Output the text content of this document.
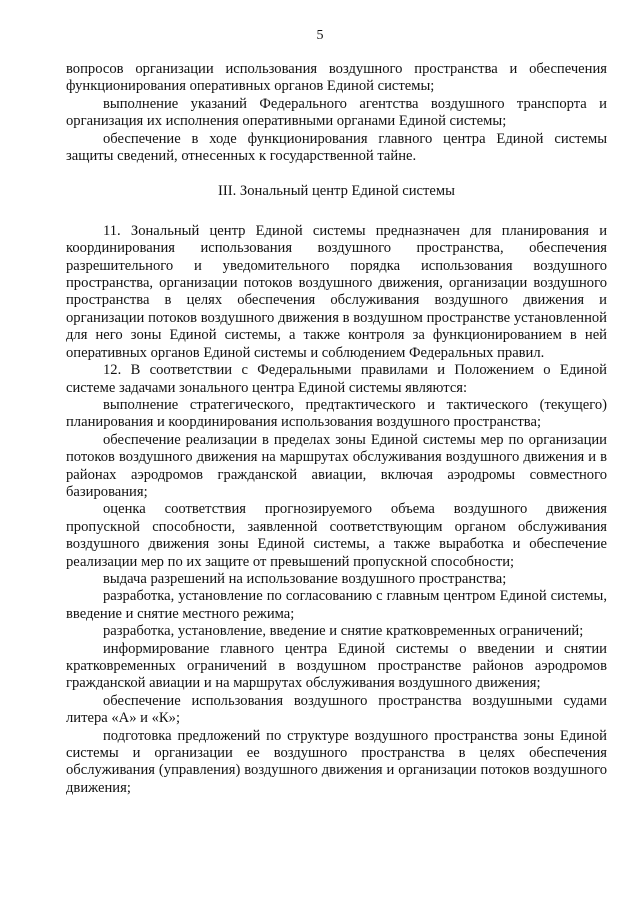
5

вопросов организации использования воздушного пространства и обеспечения функционирования оперативных органов Единой системы;

выполнение указаний Федерального агентства воздушного транспорта и организация их исполнения оперативными органами Единой системы;

обеспечение в ходе функционирования главного центра Единой системы защиты сведений, отнесенных к государственной тайне.

III. Зональный центр Единой системы

11. Зональный центр Единой системы предназначен для планирования и координирования использования воздушного пространства, обеспечения разрешительного и уведомительного порядка использования воздушного пространства, организации потоков воздушного движения, организации воздушного пространства в целях обеспечения обслуживания воздушного движения и организации потоков воздушного движения в воздушном пространстве установленной для него зоны Единой системы, а также контроля за функционированием в ней оперативных органов Единой системы и соблюдением Федеральных правил.

12. В соответствии с Федеральными правилами и Положением о Единой системе задачами зонального центра Единой системы являются:

выполнение стратегического, предтактического и тактического (текущего) планирования и координирования использования воздушного пространства;

обеспечение реализации в пределах зоны Единой системы мер по организации потоков воздушного движения на маршрутах обслуживания воздушного движения и в районах аэродромов гражданской авиации, включая аэродромы совместного базирования;

оценка соответствия прогнозируемого объема воздушного движения пропускной способности, заявленной соответствующим органом обслуживания воздушного движения зоны Единой системы, а также выработка и обеспечение реализации мер по их защите от превышений пропускной способности;

выдача разрешений на использование воздушного пространства;

разработка, установление по согласованию с главным центром Единой системы, введение и снятие местного режима;

разработка, установление, введение и снятие кратковременных ограничений;

информирование главного центра Единой системы о введении и снятии кратковременных ограничений в воздушном пространстве районов аэродромов гражданской авиации и на маршрутах обслуживания воздушного движения;

обеспечение использования воздушного пространства воздушными судами литера «А» и «К»;

подготовка предложений по структуре воздушного пространства зоны Единой системы и организации ее воздушного пространства в целях обеспечения обслуживания (управления) воздушного движения и организации потоков воздушного движения;
